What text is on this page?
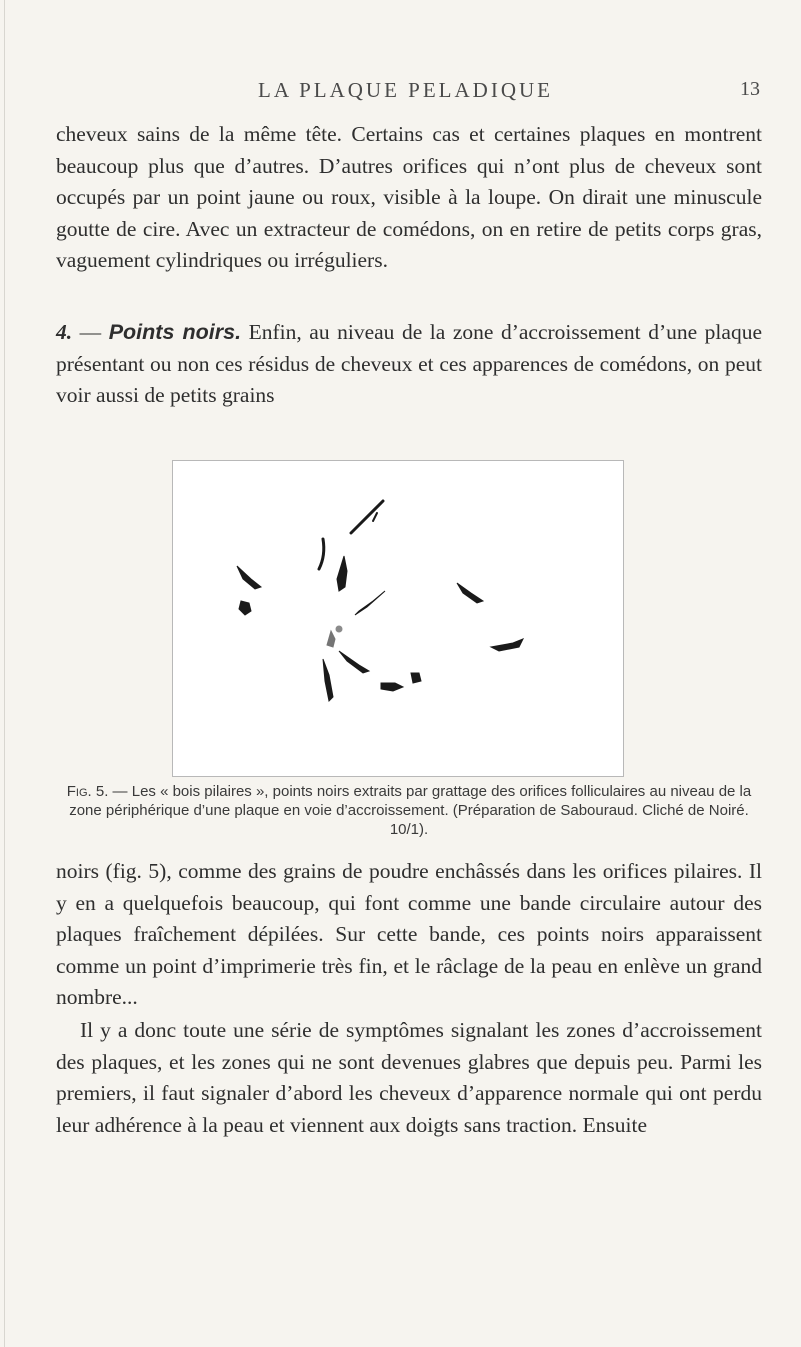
LA PLAQUE PELADIQUE	13

cheveux sains de la même tête. Certains cas et certaines plaques en montrent beaucoup plus que d’autres. D’autres orifices qui n’ont plus de cheveux sont occupés par un point jaune ou roux, visible à la loupe. On dirait une minuscule goutte de cire. Avec un extracteur de comédons, on en retire de petits corps gras, vaguement cylindriques ou irréguliers.

4. — Points noirs. Enfin, au niveau de la zone d’accroissement d’une plaque présentant ou non ces résidus de cheveux et ces apparences de comédons, on peut voir aussi de petits grains

Fig. 5. — Les « bois pilaires », points noirs extraits par grattage des orifices folliculaires au niveau de la zone périphérique d’une plaque en voie d’accroissement. (Préparation de Sabouraud. Cliché de Noiré. 10/1).

noirs (fig. 5), comme des grains de poudre enchâssés dans les orifices pilaires. Il y en a quelquefois beaucoup, qui font comme une bande circulaire autour des plaques fraîchement dépilées. Sur cette bande, ces points noirs apparaissent comme un point d’imprimerie très fin, et le râclage de la peau en enlève un grand nombre...

Il y a donc toute une série de symptômes signalant les zones d’accroissement des plaques, et les zones qui ne sont devenues glabres que depuis peu. Parmi les premiers, il faut signaler d’abord les cheveux d’apparence normale qui ont perdu leur adhérence à la peau et viennent aux doigts sans traction. Ensuite
